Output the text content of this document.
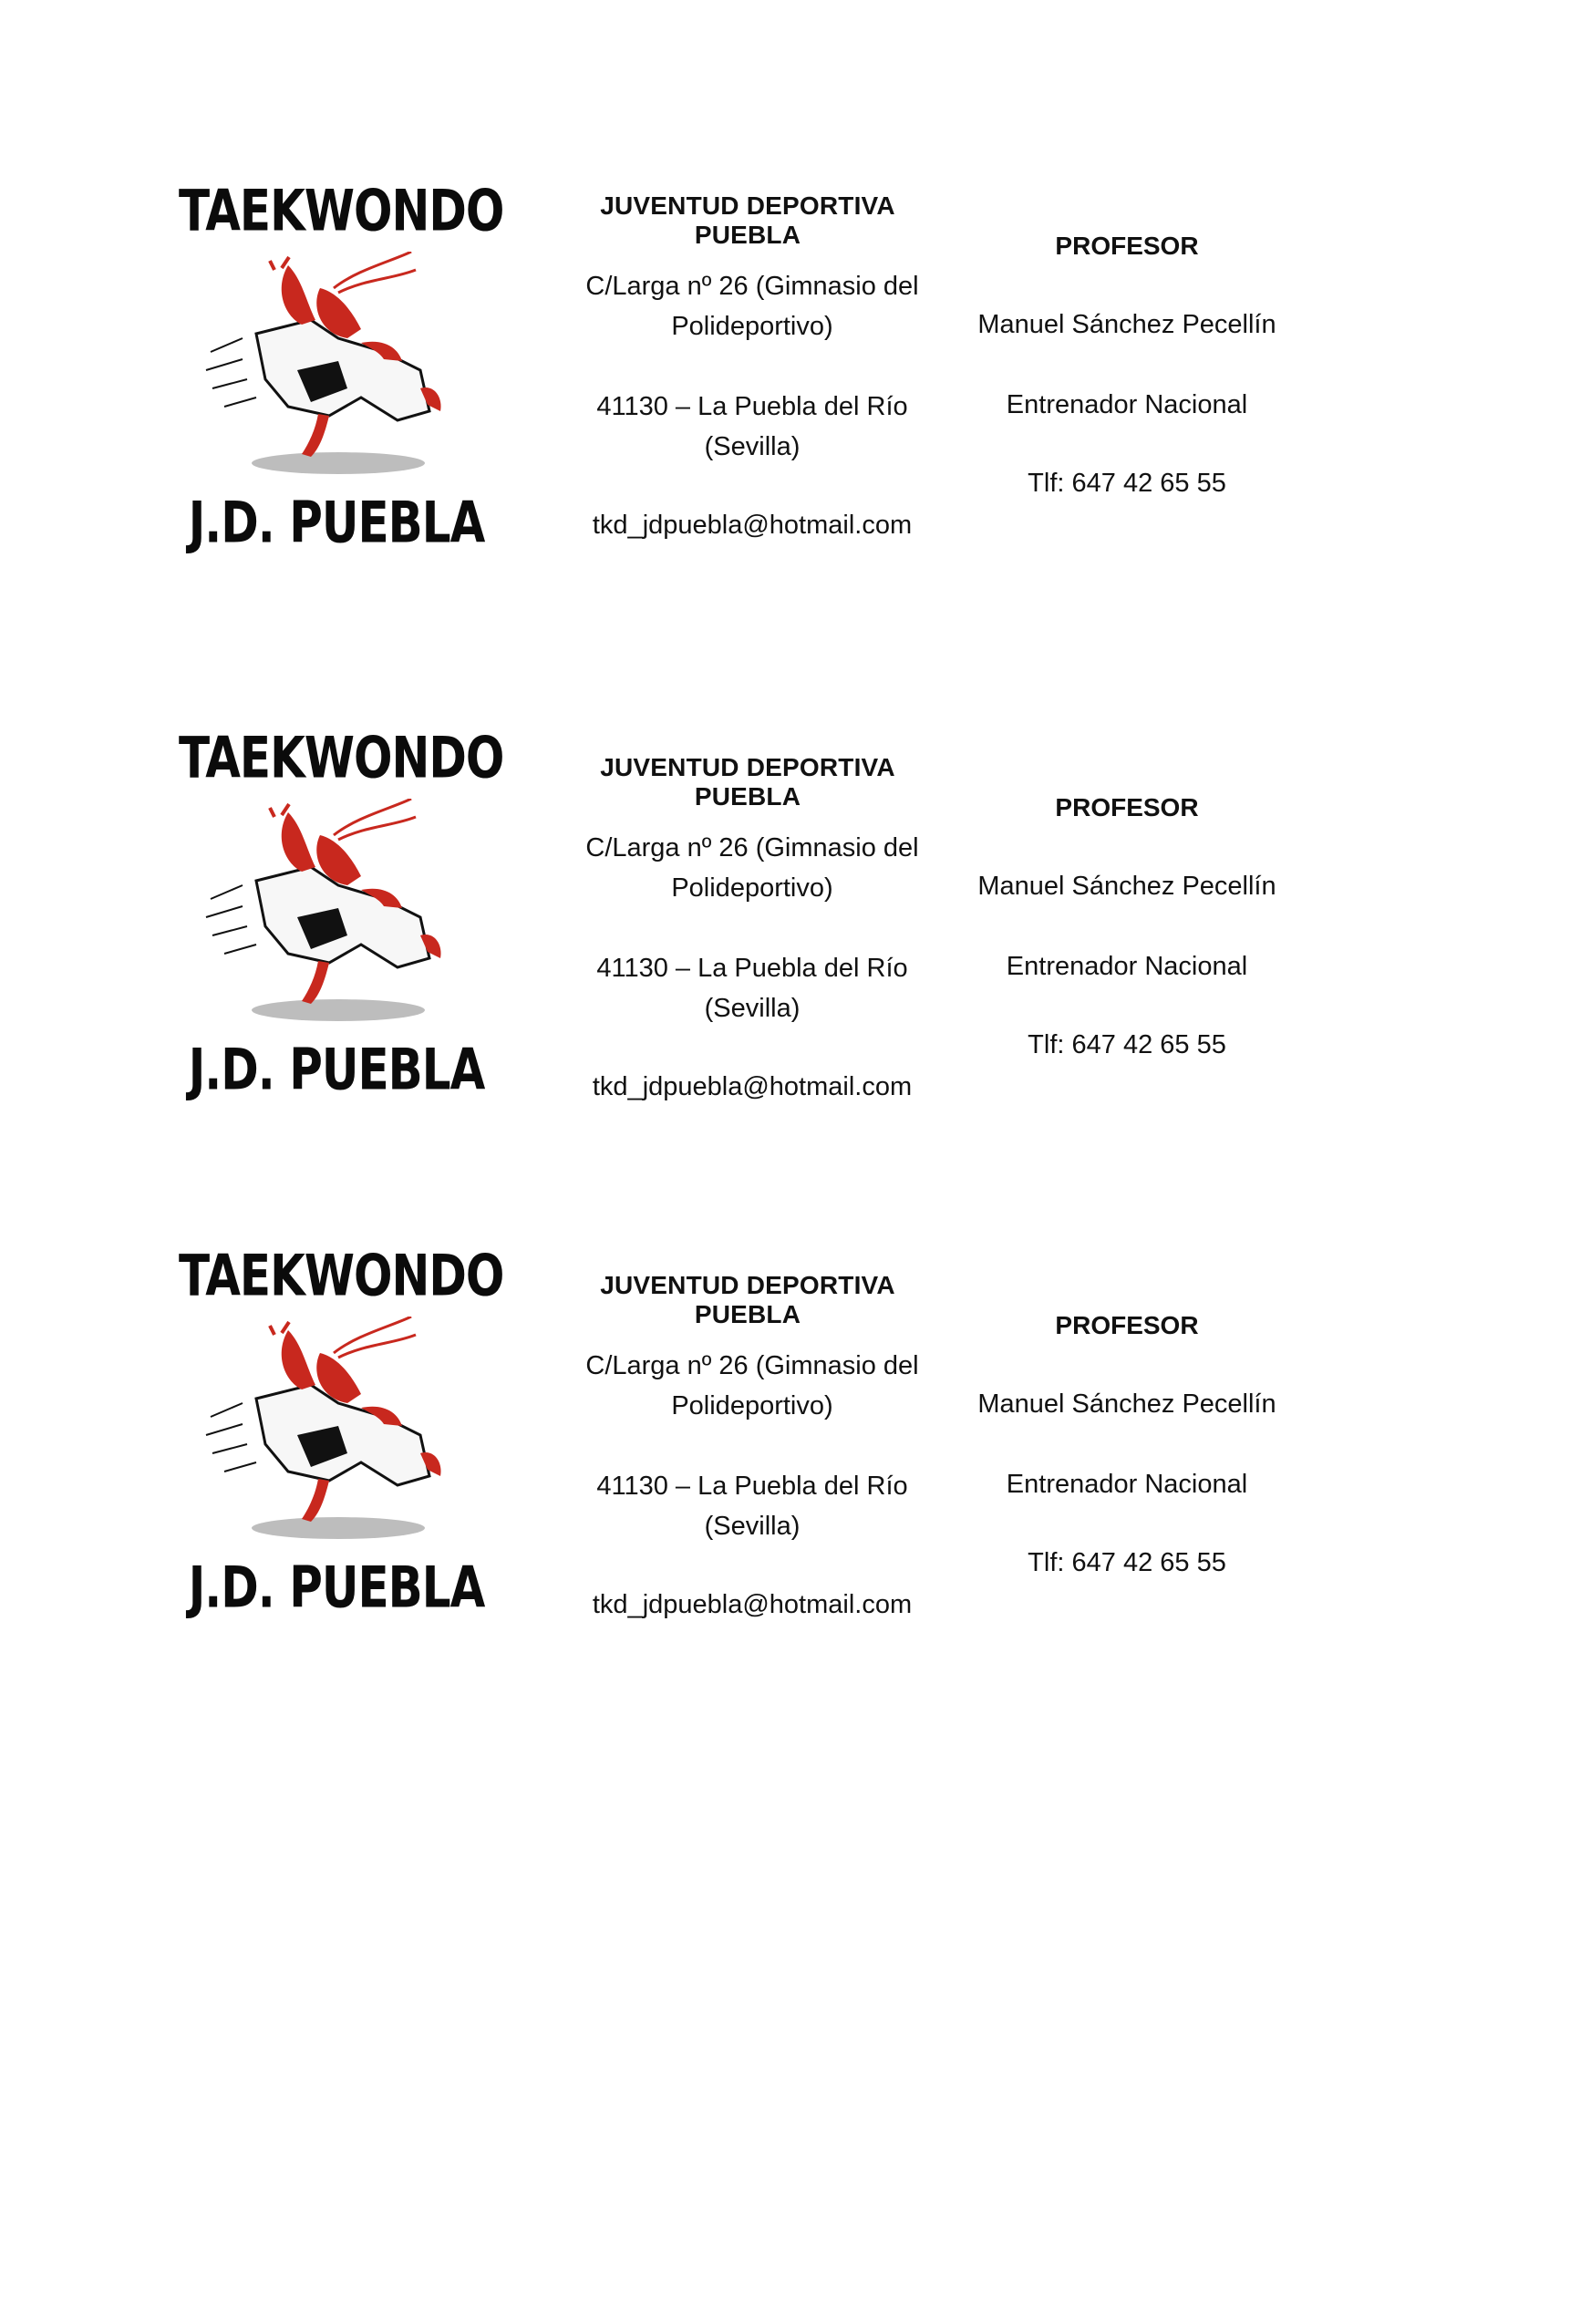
TAEKWONDO
J.D. PUEBLA
JUVENTUD DEPORTIVA PUEBLA
C/Larga nº 26 (Gimnasio del
Polideportivo)
41130 – La Puebla del Río
(Sevilla)
tkd_jdpuebla@hotmail.com
PROFESOR
Manuel Sánchez Pecellín
Entrenador Nacional
Tlf: 647 42 65 55
TAEKWONDO
J.D. PUEBLA
JUVENTUD DEPORTIVA PUEBLA
C/Larga nº 26 (Gimnasio del
Polideportivo)
41130 – La Puebla del Río
(Sevilla)
tkd_jdpuebla@hotmail.com
PROFESOR
Manuel Sánchez Pecellín
Entrenador Nacional
Tlf: 647 42 65 55
TAEKWONDO
J.D. PUEBLA
JUVENTUD DEPORTIVA PUEBLA
C/Larga nº 26 (Gimnasio del
Polideportivo)
41130 – La Puebla del Río
(Sevilla)
tkd_jdpuebla@hotmail.com
PROFESOR
Manuel Sánchez Pecellín
Entrenador Nacional
Tlf: 647 42 65 55
